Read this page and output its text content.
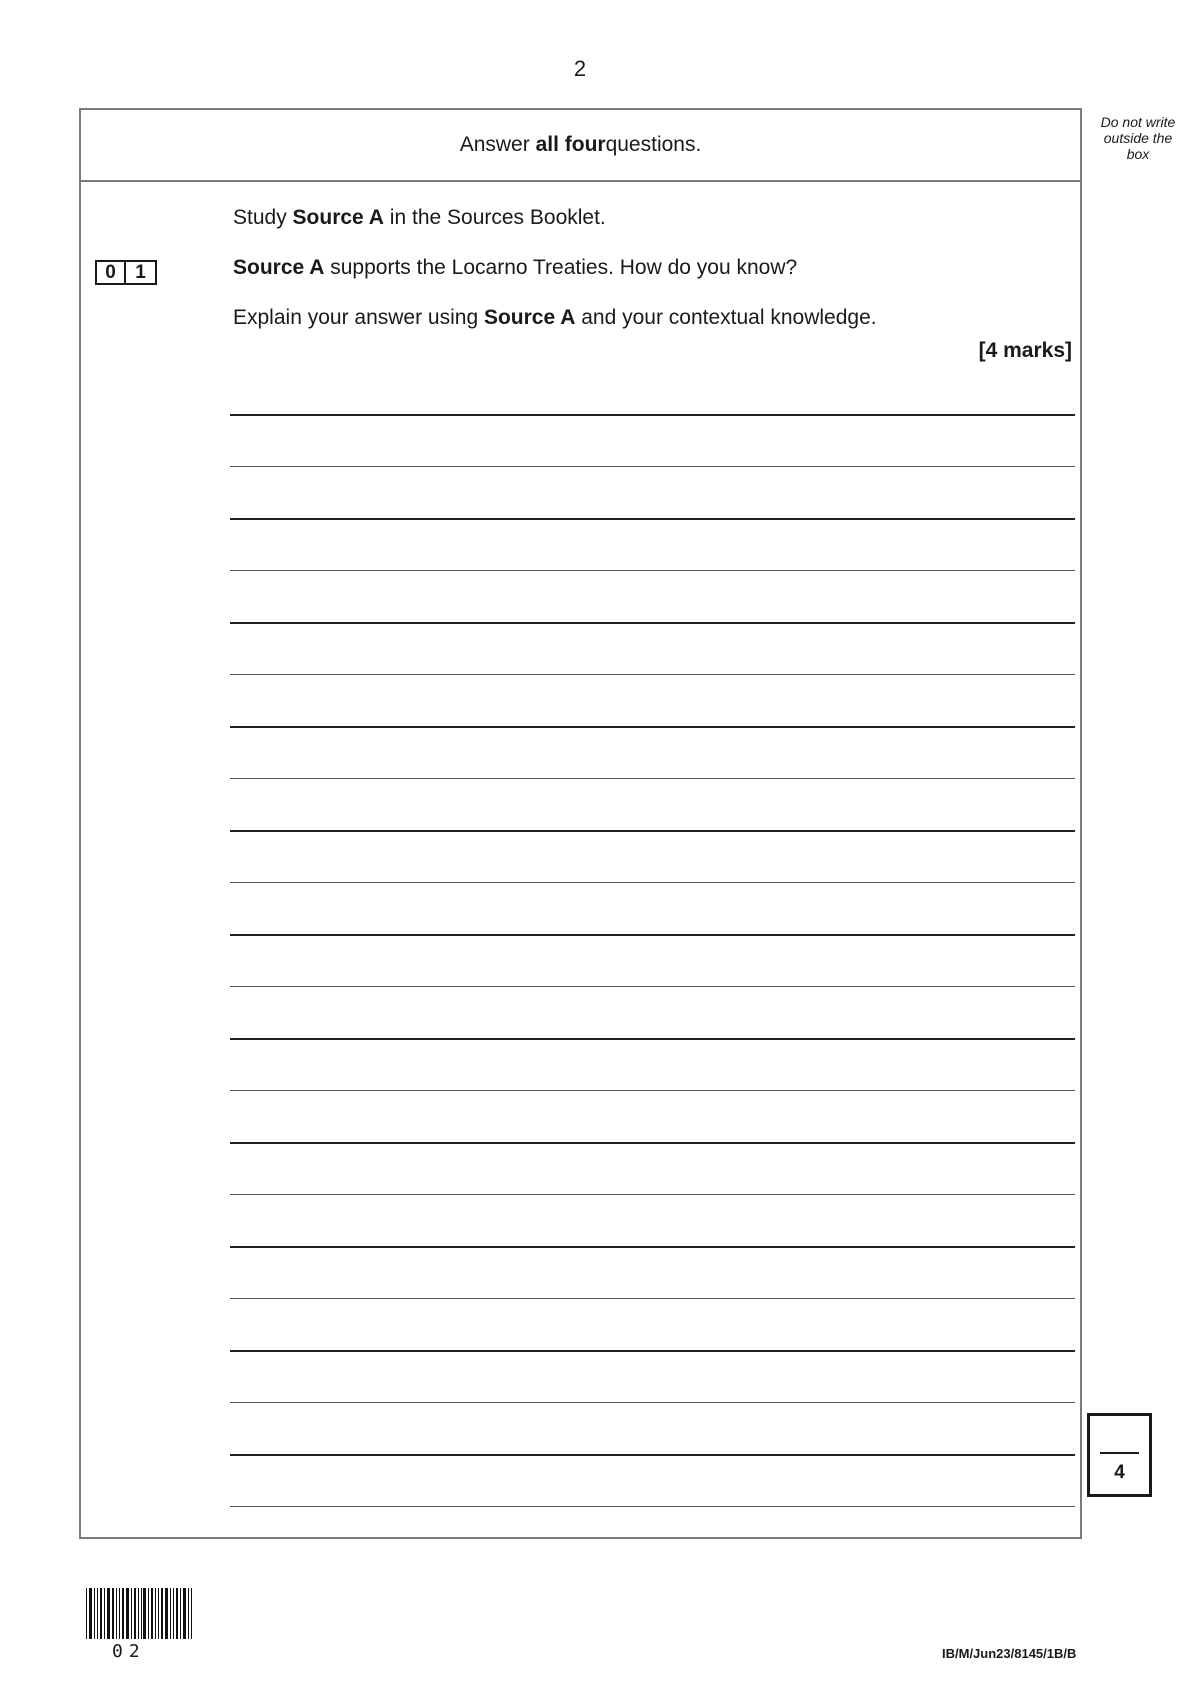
2
Do not write outside the box
Answer
all four questions.
Study Source A in the Sources Booklet.
0	1	Source A supports the Locarno Treaties. How do you know?
Explain your answer using Source A and your contextual knowledge.
[4 marks]
4
02	IB/M/Jun23/8145/1B/B
